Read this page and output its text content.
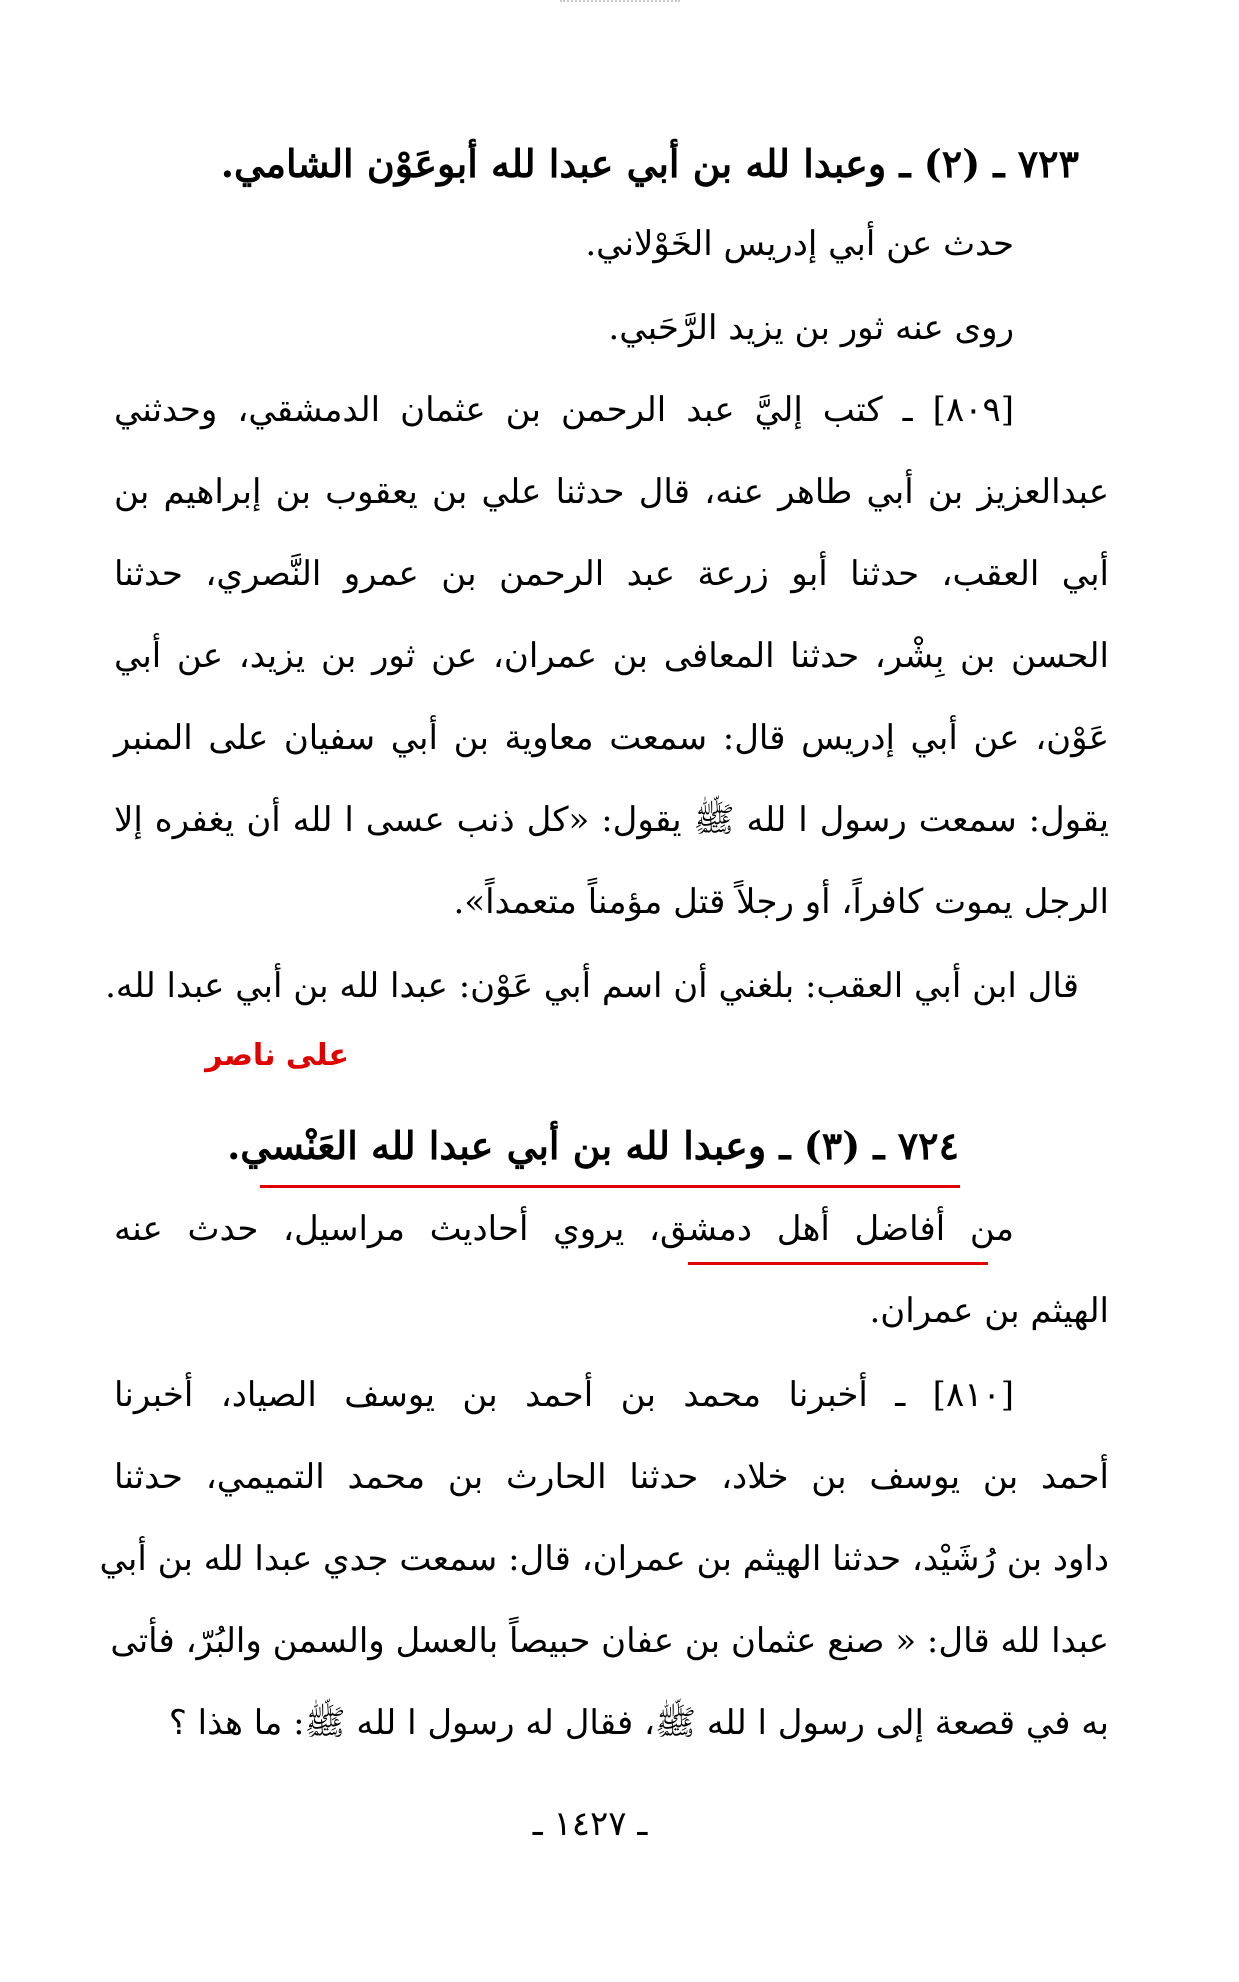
٧٢٣ ـ (٢) ـ وعبدا لله بن أبي عبدا لله أبوعَوْن الشامي.
حدث عن أبي إدريس الخَوْلاني.
روى عنه ثور بن يزيد الرَّحَبي.
[٨٠٩] ـ كتب إليَّ عبد الرحمن بن عثمان الدمشقي، وحدثني
عبدالعزيز بن أبي طاهر عنه، قال حدثنا علي بن يعقوب بن إبراهيم بن
أبي العقب، حدثنا أبو زرعة عبد الرحمن بن عمرو النَّصري، حدثنا
الحسن بن بِشْر، حدثنا المعافى بن عمران، عن ثور بن يزيد، عن أبي
عَوْن، عن أبي إدريس قال: سمعت معاوية بن أبي سفيان على المنبر
يقول: سمعت رسول ا لله ﷺ يقول: «كل ذنب عسى ا لله أن يغفره إلا
الرجل يموت كافراً، أو رجلاً قتل مؤمناً متعمداً».
قال ابن أبي العقب: بلغني أن اسم أبي عَوْن: عبدا لله بن أبي عبدا لله.
على ناصر
٧٢٤ ـ (٣) ـ وعبدا لله بن أبي عبدا لله العَنْسي.
من أفاضل أهل دمشق، يروي أحاديث مراسيل، حدث عنه
الهيثم بن عمران.
[٨١٠] ـ أخبرنا محمد بن أحمد بن يوسف الصياد، أخبرنا
أحمد بن يوسف بن خلاد، حدثنا الحارث بن محمد التميمي، حدثنا
داود بن رُشَيْد، حدثنا الهيثم بن عمران، قال: سمعت جدي عبدا لله بن أبي
عبدا لله قال: « صنع عثمان بن عفان حبيصاً بالعسل والسمن والبُرّ، فأتى
به في قصعة إلى رسول ا لله ﷺ، فقال له رسول ا لله ﷺ: ما هذا ؟
ـ ١٤٢٧ ـ
